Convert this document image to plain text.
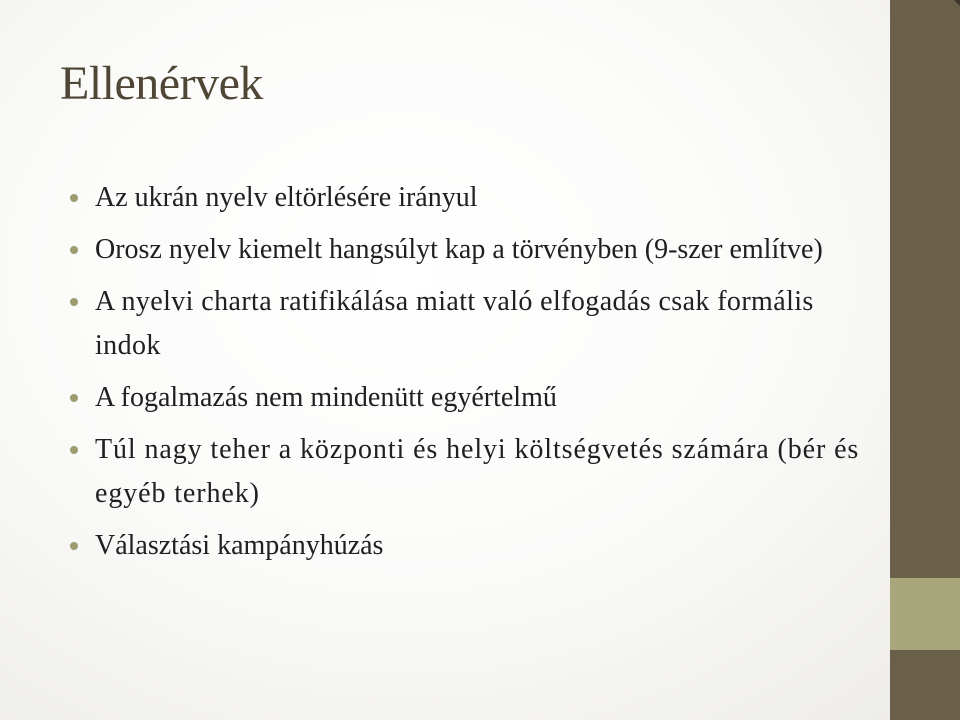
Ellenérvek
Az ukrán nyelv eltörlésére irányul
Orosz nyelv kiemelt hangsúlyt kap a törvényben (9-szer említve)
A nyelvi charta ratifikálása miatt való elfogadás csak formális indok
A fogalmazás nem mindenütt egyértelmű
Túl nagy teher a központi és helyi költségvetés számára (bér és egyéb terhek)
Választási kampányhúzás
